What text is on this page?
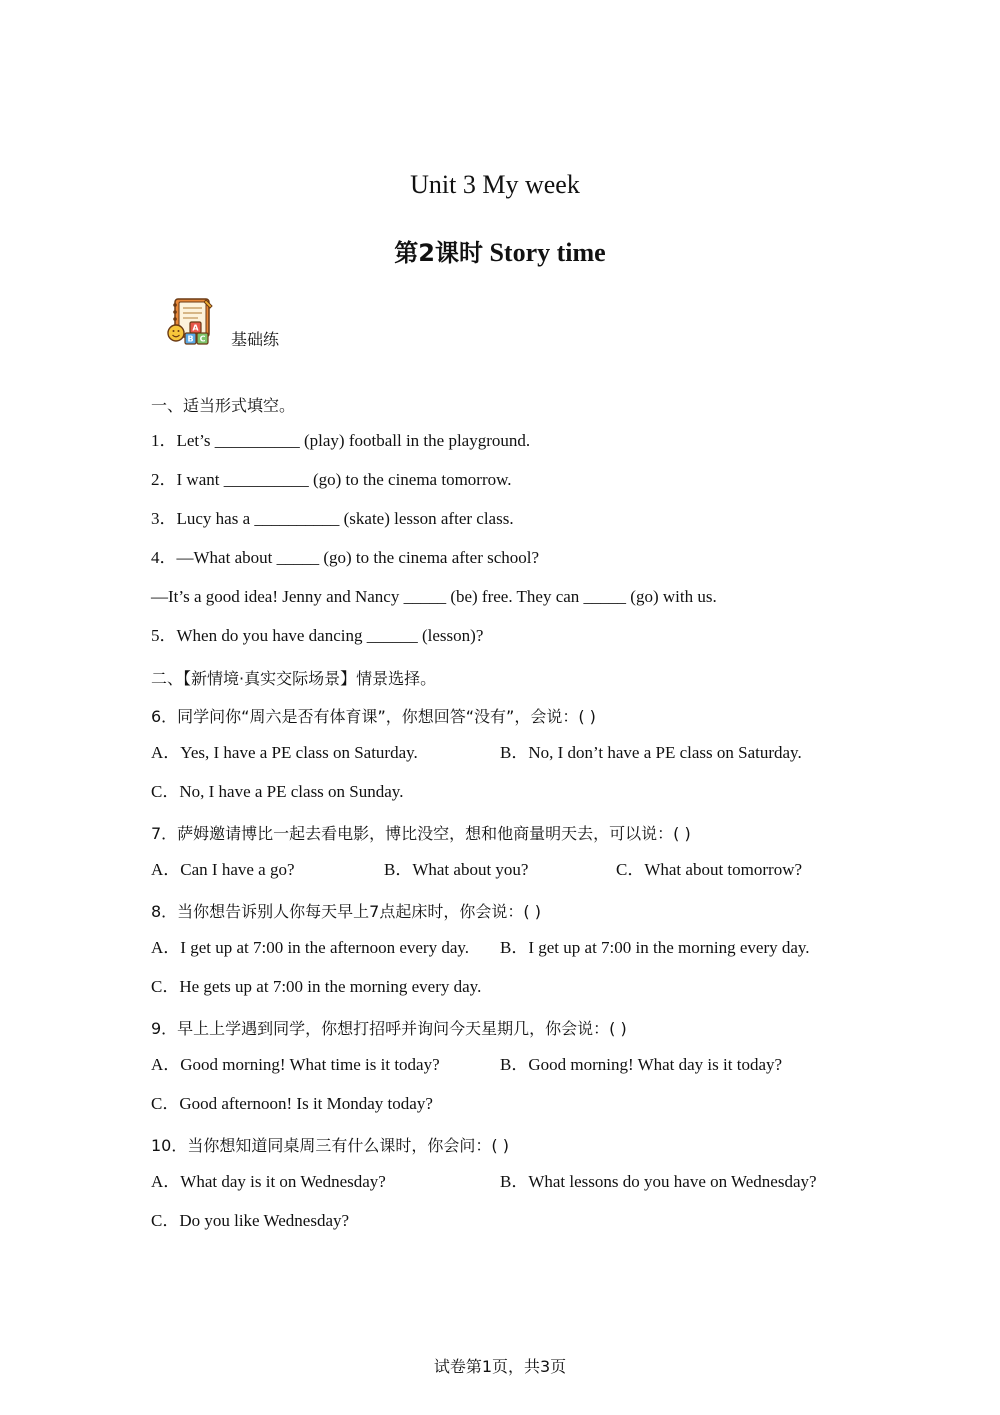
Unit 3 My week
第2课时 Story time
A
B C 基础练
一、适当形式填空。
1．Let’s __________ (play) football in the playground.
2．I want __________ (go) to the cinema tomorrow.
3．Lucy has a __________ (skate) lesson after class.
4．—What about _____ (go) to the cinema after school?
—It’s a good idea! Jenny and Nancy _____ (be) free. They can _____ (go) with us.
5．When do you have dancing ______ (lesson)?
二、【新情境·真实交际场景】情景选择。
6．同学问你“周六是否有体育课”，你想回答“没有”，会说：( )
A．Yes, I have a PE class on Saturday.	B．No, I don’t have a PE class on Saturday.
C．No, I have a PE class on Sunday.
7．萨姆邀请博比一起去看电影，博比没空，想和他商量明天去，可以说：( )
A．Can I have a go?	B．What about you?	C．What about tomorrow?
8．当你想告诉别人你每天早上7点起床时，你会说：( )
A．I get up at 7:00 in the afternoon every day. B．I get up at 7:00 in the morning every day.
C．He gets up at 7:00 in the morning every day.
9．早上上学遇到同学，你想打招呼并询问今天星期几，你会说：( )
A．Good morning! What time is it today?	B．Good morning! What day is it today?
C．Good afternoon! Is it Monday today?
10．当你想知道同桌周三有什么课时，你会问：( )
A．What day is it on Wednesday?	B．What lessons do you have on Wednesday?
C．Do you like Wednesday?
试卷第1页，共3页
